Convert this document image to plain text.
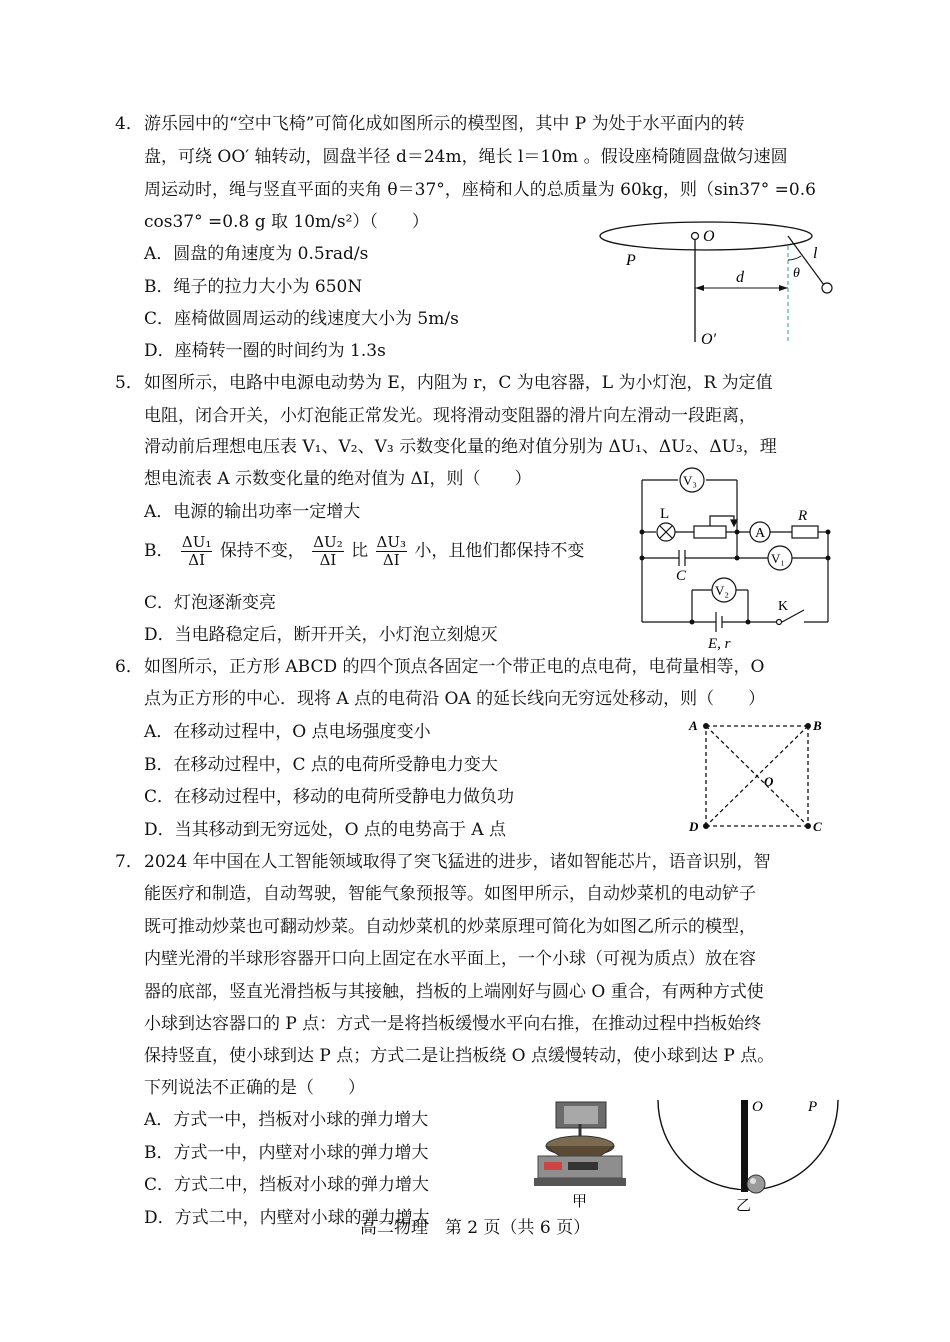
4． 游乐园中的“空中飞椅”可简化成如图所示的模型图，其中 P 为处于水平面内的转
盘，可绕 OO′ 轴转动，圆盘半径 d＝24m，绳长 l＝10m 。假设座椅随圆盘做匀速圆
周运动时，绳与竖直平面的夹角 θ＝37°，座椅和人的总质量为 60kg，则（sin37° =0.6
cos37° =0.8 g 取 10m/s²）（　　）
A．圆盘的角速度为 0.5rad/s
B．绳子的拉力大小为 650N
C．座椅做圆周运动的线速度大小为 5m/s
D．座椅转一圈的时间约为 1.3s
O
P
d
l
θ
O′
5． 如图所示，电路中电源电动势为 E，内阻为 r，C 为电容器，L 为小灯泡，R 为定值
电阻，闭合开关，小灯泡能正常发光。现将滑动变阻器的滑片向左滑动一段距离，
滑动前后理想电压表 V₁、V₂、V₃ 示数变化量的绝对值分别为 ΔU₁、ΔU₂、ΔU₃，理
想电流表 A 示数变化量的绝对值为 ΔI，则（　　）
A．电源的输出功率一定增大
B． $\frac{\text{ΔU₁}}{\Delta I}$ 保持不变， $\frac{\text{ΔU₂}}{\Delta I}$ 比 $\frac{\text{ΔU₃}}{\Delta I}$ 小，且他们都保持不变
C．灯泡逐渐变亮
D．当电路稳定后，断开开关，小灯泡立刻熄灭
V₃
L
A
R
C
V₁
V₂
K
E, r
6． 如图所示，正方形 ABCD 的四个顶点各固定一个带正电的点电荷，电荷量相等，O
点为正方形的中心．现将 A 点的电荷沿 OA 的延长线向无穷远处移动，则（　　）
A．在移动过程中，O 点电场强度变小
B．在移动过程中，C 点的电荷所受静电力变大
C．在移动过程中，移动的电荷所受静电力做负功
D．当其移动到无穷远处，O 点的电势高于 A 点
A	B
C
D
O
7． 2024 年中国在人工智能领域取得了突飞猛进的进步，诸如智能芯片，语音识别，智
能医疗和制造，自动驾驶，智能气象预报等。如图甲所示，自动炒菜机的电动铲子
既可推动炒菜也可翻动炒菜。自动炒菜机的炒菜原理可简化为如图乙所示的模型，
内壁光滑的半球形容器开口向上固定在水平面上，一个小球（可视为质点）放在容
器的底部，竖直光滑挡板与其接触，挡板的上端刚好与圆心 O 重合，有两种方式使
小球到达容器口的 P 点：方式一是将挡板缓慢水平向右推，在推动过程中挡板始终
保持竖直，使小球到达 P 点；方式二是让挡板绕 O 点缓慢转动，使小球到达 P 点。
下列说法不正确的是（　　）
A．方式一中，挡板对小球的弹力增大
B．方式一中，内壁对小球的弹力增大
C．方式二中，挡板对小球的弹力增大
D．方式二中，内壁对小球的弹力增大
甲
O	P
乙
高二物理　第 2 页（共 6 页）
